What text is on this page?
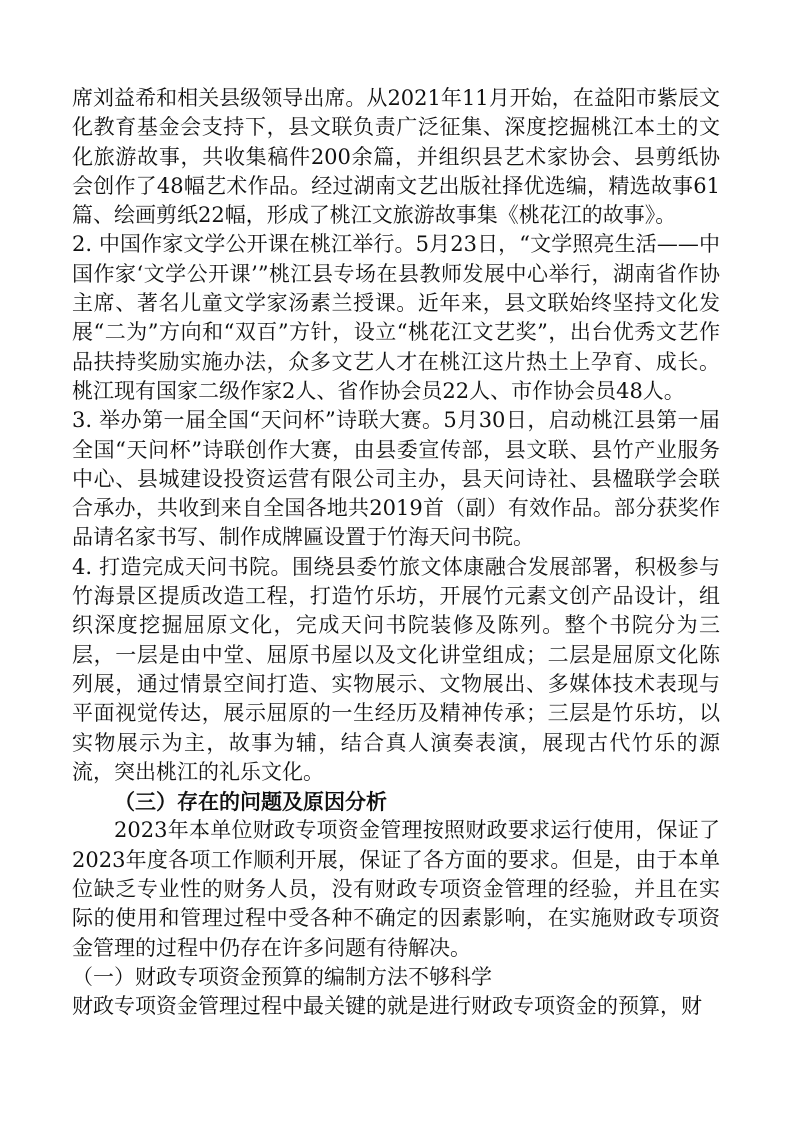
席刘益希和相关县级领导出席。从2021年11月开始，在益阳市紫辰文化教育基金会支持下，县文联负责广泛征集、深度挖掘桃江本土的文化旅游故事，共收集稿件200余篇，并组织县艺术家协会、县剪纸协会创作了48幅艺术作品。经过湖南文艺出版社择优选编，精选故事61篇、绘画剪纸22幅，形成了桃江文旅游故事集《桃花江的故事》。

2. 中国作家文学公开课在桃江举行。5月23日，“文学照亮生活——中国作家‘文学公开课’”桃江县专场在县教师发展中心举行，湖南省作协主席、著名儿童文学家汤素兰授课。近年来，县文联始终坚持文化发展“二为”方向和“双百”方针，设立“桃花江文艺奖”，出台优秀文艺作品扶持奖励实施办法，众多文艺人才在桃江这片热土上孕育、成长。桃江现有国家二级作家2人、省作协会员22人、市作协会员48人。

3. 举办第一届全国“天问杯”诗联大赛。5月30日，启动桃江县第一届全国“天问杯”诗联创作大赛，由县委宣传部，县文联、县竹产业服务中心、县城建设投资运营有限公司主办，县天问诗社、县楹联学会联合承办，共收到来自全国各地共2019首（副）有效作品。部分获奖作品请名家书写、制作成牌匾设置于竹海天问书院。

4. 打造完成天问书院。围绕县委竹旅文体康融合发展部署，积极参与竹海景区提质改造工程，打造竹乐坊，开展竹元素文创产品设计，组织深度挖掘屈原文化，完成天问书院装修及陈列。整个书院分为三层，一层是由中堂、屈原书屋以及文化讲堂组成；二层是屈原文化陈列展，通过情景空间打造、实物展示、文物展出、多媒体技术表现与平面视觉传达，展示屈原的一生经历及精神传承；三层是竹乐坊，以实物展示为主，故事为辅，结合真人演奏表演，展现古代竹乐的源流，突出桃江的礼乐文化。

（三）存在的问题及原因分析

2023年本单位财政专项资金管理按照财政要求运行使用，保证了2023年度各项工作顺利开展，保证了各方面的要求。但是，由于本单位缺乏专业性的财务人员，没有财政专项资金管理的经验，并且在实际的使用和管理过程中受各种不确定的因素影响，在实施财政专项资金管理的过程中仍存在许多问题有待解决。

（一）财政专项资金预算的编制方法不够科学

财政专项资金管理过程中最关键的就是进行财政专项资金的预算，财
